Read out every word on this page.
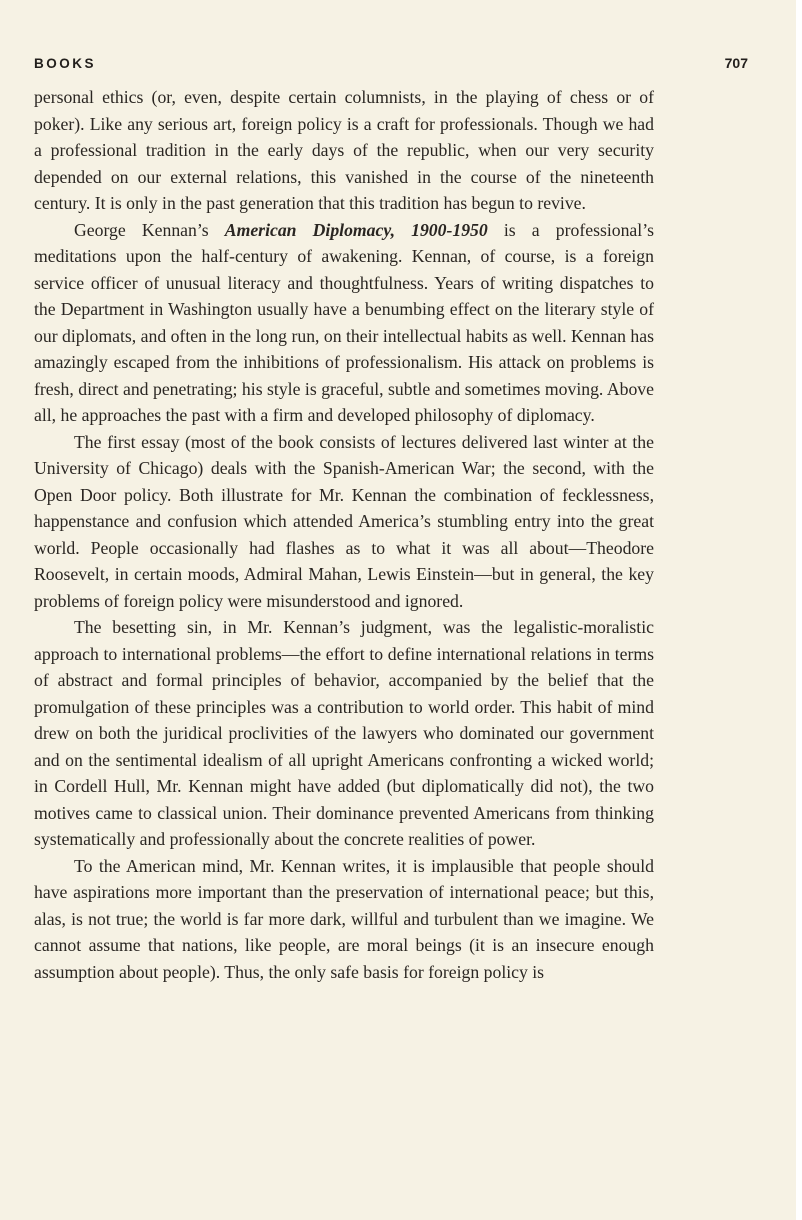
BOOKS	707

personal ethics (or, even, despite certain columnists, in the playing of chess or of poker). Like any serious art, foreign policy is a craft for professionals. Though we had a professional tradition in the early days of the republic, when our very security depended on our external relations, this vanished in the course of the nineteenth century. It is only in the past generation that this tradition has begun to revive.

George Kennan’s American Diplomacy, 1900-1950 is a professional’s meditations upon the half-century of awakening. Kennan, of course, is a foreign service officer of unusual literacy and thoughtfulness. Years of writing dispatches to the Department in Washington usually have a benumbing effect on the literary style of our diplomats, and often in the long run, on their intellectual habits as well. Kennan has amazingly escaped from the inhibitions of professionalism. His attack on problems is fresh, direct and penetrating; his style is graceful, subtle and sometimes moving. Above all, he approaches the past with a firm and developed philosophy of diplomacy.

The first essay (most of the book consists of lectures delivered last winter at the University of Chicago) deals with the Spanish-American War; the second, with the Open Door policy. Both illustrate for Mr. Kennan the combination of fecklessness, happenstance and confusion which attended America’s stumbling entry into the great world. People occasionally had flashes as to what it was all about—Theodore Roosevelt, in certain moods, Admiral Mahan, Lewis Einstein—but in general, the key problems of foreign policy were misunderstood and ignored.

The besetting sin, in Mr. Kennan’s judgment, was the legalistic-moralistic approach to international problems—the effort to define international relations in terms of abstract and formal principles of behavior, accompanied by the belief that the promulgation of these principles was a contribution to world order. This habit of mind drew on both the juridical proclivities of the lawyers who dominated our government and on the sentimental idealism of all upright Americans confronting a wicked world; in Cordell Hull, Mr. Kennan might have added (but diplomatically did not), the two motives came to classical union. Their dominance prevented Americans from thinking systematically and professionally about the concrete realities of power.

To the American mind, Mr. Kennan writes, it is implausible that people should have aspirations more important than the preservation of international peace; but this, alas, is not true; the world is far more dark, willful and turbulent than we imagine. We cannot assume that nations, like people, are moral beings (it is an insecure enough assumption about people). Thus, the only safe basis for foreign policy is
